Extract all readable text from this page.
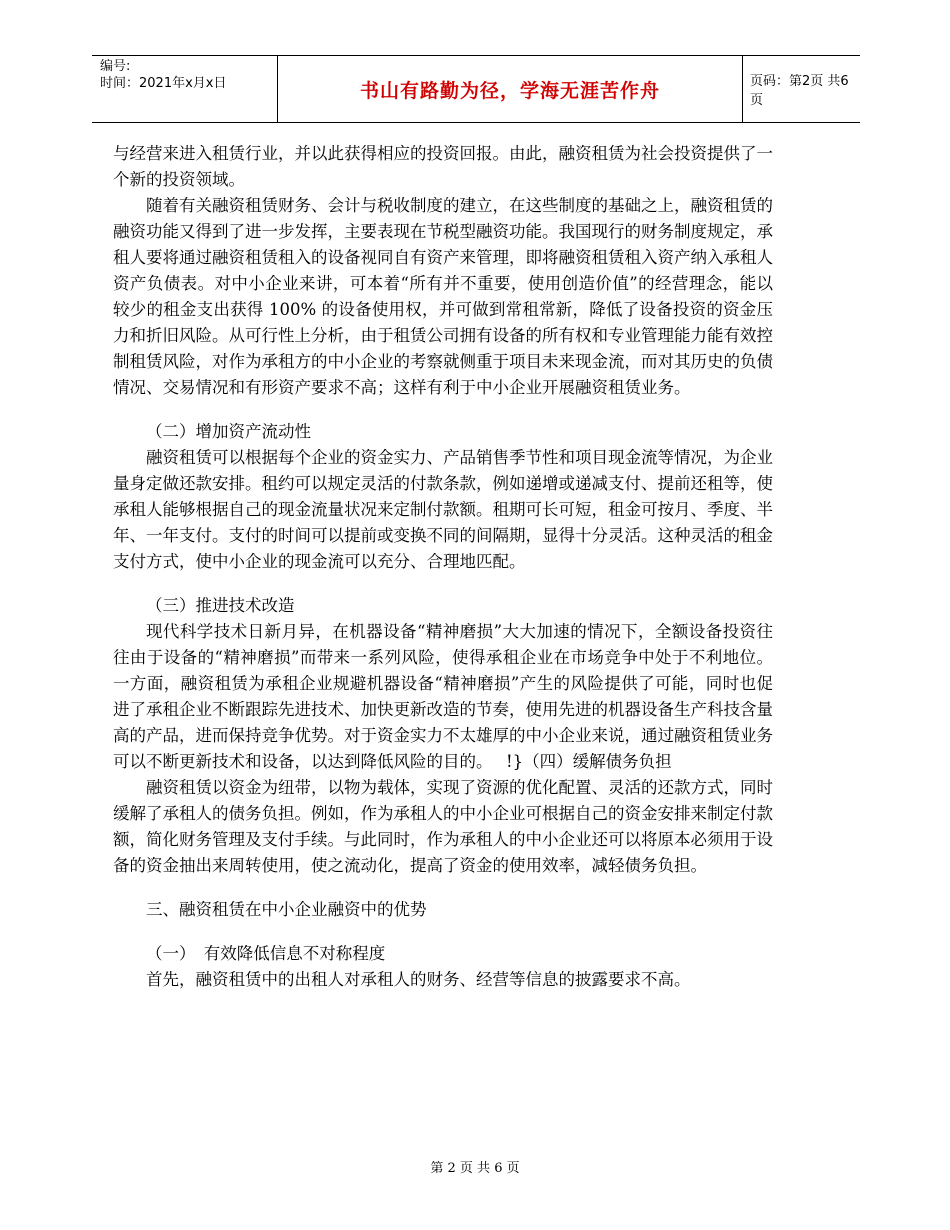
编号:
时间：2021年x月x日	书山有路勤为径，学海无涯苦作舟	页码：第2页 共6页

与经营来进入租赁行业，并以此获得相应的投资回报。由此，融资租赁为社会投资提供了一个新的投资领域。

随着有关融资租赁财务、会计与税收制度的建立，在这些制度的基础之上，融资租赁的融资功能又得到了进一步发挥，主要表现在节税型融资功能。我国现行的财务制度规定，承租人要将通过融资租赁租入的设备视同自有资产来管理，即将融资租赁租入资产纳入承租人资产负债表。对中小企业来讲，可本着“所有并不重要，使用创造价值”的经营理念，能以较少的租金支出获得 100% 的设备使用权，并可做到常租常新，降低了设备投资的资金压力和折旧风险。从可行性上分析，由于租赁公司拥有设备的所有权和专业管理能力能有效控制租赁风险，对作为承租方的中小企业的考察就侧重于项目未来现金流，而对其历史的负债情况、交易情况和有形资产要求不高；这样有利于中小企业开展融资租赁业务。

（二）增加资产流动性

融资租赁可以根据每个企业的资金实力、产品销售季节性和项目现金流等情况，为企业量身定做还款安排。租约可以规定灵活的付款条款，例如递增或递减支付、提前还租等，使承租人能够根据自己的现金流量状况来定制付款额。租期可长可短，租金可按月、季度、半年、一年支付。支付的时间可以提前或变换不同的间隔期，显得十分灵活。这种灵活的租金支付方式，使中小企业的现金流可以充分、合理地匹配。

（三）推进技术改造

现代科学技术日新月异，在机器设备“精神磨损”大大加速的情况下，全额设备投资往往由于设备的“精神磨损”而带来一系列风险，使得承租企业在市场竞争中处于不利地位。一方面，融资租赁为承租企业规避机器设备“精神磨损”产生的风险提供了可能，同时也促进了承租企业不断跟踪先进技术、加快更新改造的节奏，使用先进的机器设备生产科技含量高的产品，进而保持竞争优势。对于资金实力不太雄厚的中小企业来说，通过融资租赁业务可以不断更新技术和设备，以达到降低风险的目的。　 !}（四）缓解债务负担

融资租赁以资金为纽带，以物为载体，实现了资源的优化配置、灵活的还款方式，同时缓解了承租人的债务负担。例如，作为承租人的中小企业可根据自己的资金安排来制定付款额，简化财务管理及支付手续。与此同时，作为承租人的中小企业还可以将原本必须用于设备的资金抽出来周转使用，使之流动化，提高了资金的使用效率，减轻债务负担。

三、融资租赁在中小企业融资中的优势

（一）　有效降低信息不对称程度

首先，融资租赁中的出租人对承租人的财务、经营等信息的披露要求不高。

第 2 页 共 6 页
